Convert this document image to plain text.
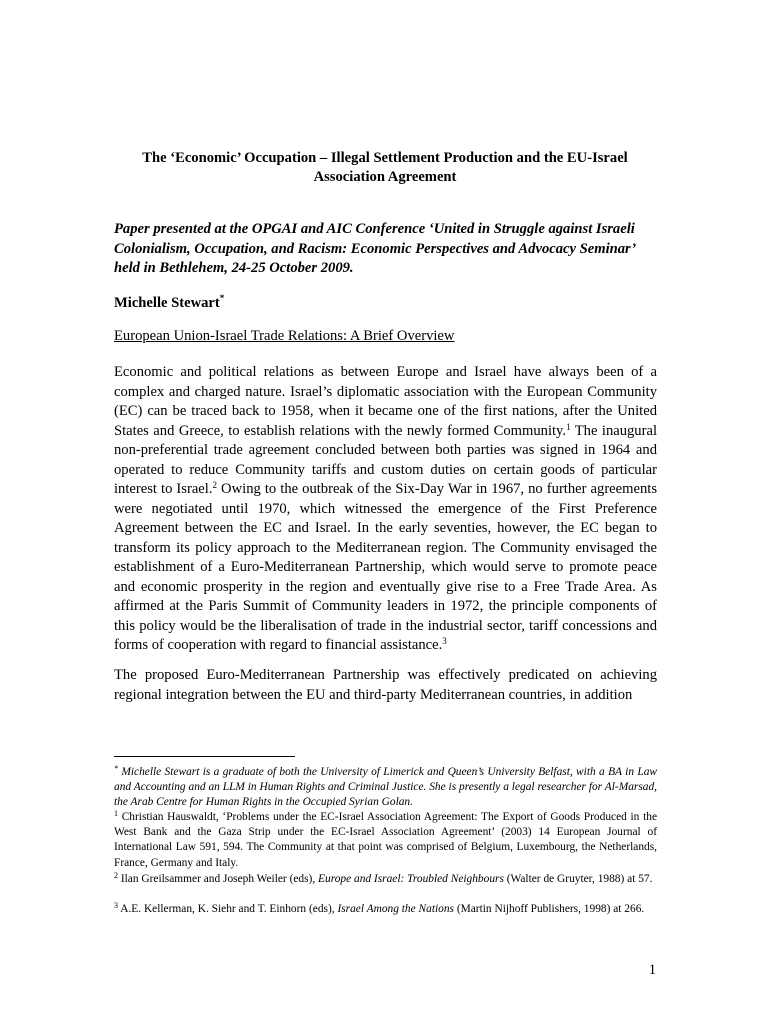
The ‘Economic’ Occupation – Illegal Settlement Production and the EU-Israel
Association Agreement
Paper presented at the OPGAI and AIC Conference ‘United in Struggle against Israeli Colonialism, Occupation, and Racism: Economic Perspectives and Advocacy Seminar’ held in Bethlehem, 24-25 October 2009.
Michelle Stewart*
European Union-Israel Trade Relations: A Brief Overview
Economic and political relations as between Europe and Israel have always been of a complex and charged nature. Israel’s diplomatic association with the European Community (EC) can be traced back to 1958, when it became one of the first nations, after the United States and Greece, to establish relations with the newly formed Community.$^1$ The inaugural non-preferential trade agreement concluded between both parties was signed in 1964 and operated to reduce Community tariffs and custom duties on certain goods of particular interest to Israel.$^2$ Owing to the outbreak of the Six-Day War in 1967, no further agreements were negotiated until 1970, which witnessed the emergence of the First Preference Agreement between the EC and Israel. In the early seventies, however, the EC began to transform its policy approach to the Mediterranean region. The Community envisaged the establishment of a Euro-Mediterranean Partnership, which would serve to promote peace and economic prosperity in the region and eventually give rise to a Free Trade Area. As affirmed at the Paris Summit of Community leaders in 1972, the principle components of this policy would be the liberalisation of trade in the industrial sector, tariff concessions and forms of cooperation with regard to financial assistance.$^3$
The proposed Euro-Mediterranean Partnership was effectively predicated on achieving regional integration between the EU and third-party Mediterranean countries, in addition
* Michelle Stewart is a graduate of both the University of Limerick and Queen’s University Belfast, with a BA in Law and Accounting and an LLM in Human Rights and Criminal Justice. She is presently a legal researcher for Al-Marsad, the Arab Centre for Human Rights in the Occupied Syrian Golan.
$^1$ Christian Hauswaldt, ‘Problems under the EC-Israel Association Agreement: The Export of Goods Produced in the West Bank and the Gaza Strip under the EC-Israel Association Agreement’ (2003) 14 European Journal of International Law 591, 594. The Community at that point was comprised of Belgium, Luxembourg, the Netherlands, France, Germany and Italy.
$^2$ Ilan Greilsammer and Joseph Weiler (eds), Europe and Israel: Troubled Neighbours (Walter de Gruyter, 1988) at 57.
$^3$ A.E. Kellerman, K. Siehr and T. Einhorn (eds), Israel Among the Nations (Martin Nijhoff Publishers, 1998) at 266.
1
